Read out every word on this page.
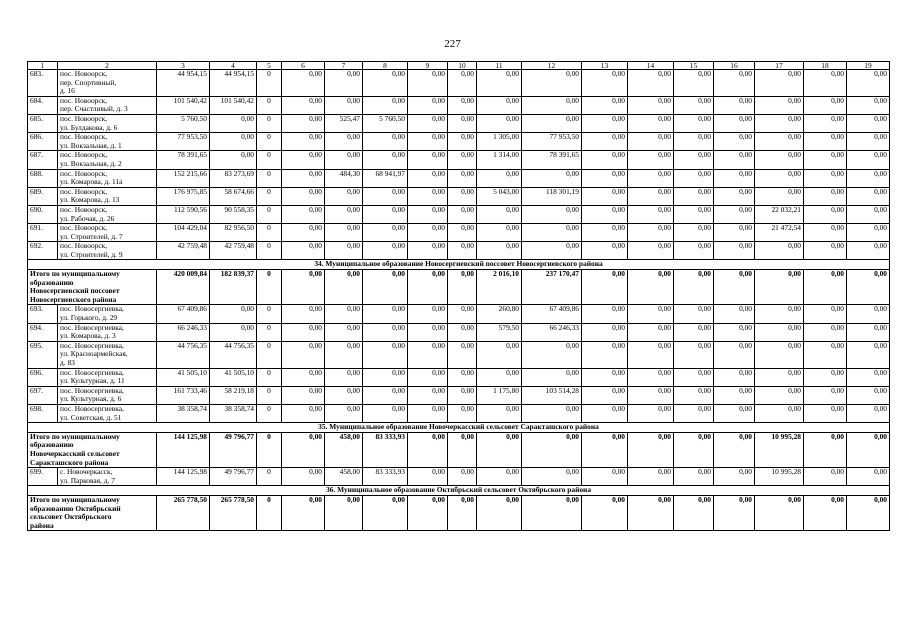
227
1	2	3	4	5	6	7	8	9	10	11	12	13	14	15	16	17	18	19
683.	пос. Новоорск,
пер. Спортивный,
д. 16	44 954,15	44 954,15	0	0,00	0,00	0,00	0,00	0,00	0,00	0,00	0,00	0,00	0,00	0,00	0,00	0,00	0,00
684.	пос. Новоорск,
пер. Счастливый, д. 3	101 540,42	101 540,42	0	0,00	0,00	0,00	0,00	0,00	0,00	0,00	0,00	0,00	0,00	0,00	0,00	0,00	0,00
685.	пос. Новоорск,
ул. Булдакова, д. 6	5 760,50	0,00	0	0,00	525,47	5 760,50	0,00	0,00	0,00	0,00	0,00	0,00	0,00	0,00	0,00	0,00	0,00
686.	пос. Новоорск,
ул. Вокзальная, д. 1	77 953,50	0,00	0	0,00	0,00	0,00	0,00	0,00	1 305,00	77 953,50	0,00	0,00	0,00	0,00	0,00	0,00	0,00
687.	пос. Новоорск,
ул. Вокзальная, д. 2	78 391,65	0,00	0	0,00	0,00	0,00	0,00	0,00	1 314,00	78 391,65	0,00	0,00	0,00	0,00	0,00	0,00	0,00
688.	пос. Новоорск,
ул. Комарова, д. 11а	152 215,66	83 273,69	0	0,00	484,30	68 941,97	0,00	0,00	0,00	0,00	0,00	0,00	0,00	0,00	0,00	0,00	0,00
689.	пос. Новоорск,
ул. Комарова, д. 13	176 975,85	58 674,66	0	0,00	0,00	0,00	0,00	0,00	5 043,00	118 301,19	0,00	0,00	0,00	0,00	0,00	0,00	0,00
690.	пос. Новоорск,
ул. Рабочая, д. 26	112 590,56	90 558,35	0	0,00	0,00	0,00	0,00	0,00	0,00	0,00	0,00	0,00	0,00	0,00	22 032,21	0,00	0,00
691.	пос. Новоорск,
ул. Строителей, д. 7	104 429,04	82 956,50	0	0,00	0,00	0,00	0,00	0,00	0,00	0,00	0,00	0,00	0,00	0,00	21 472,54	0,00	0,00
692.	пос. Новоорск,
ул. Строителей, д. 9	42 759,48	42 759,48	0	0,00	0,00	0,00	0,00	0,00	0,00	0,00	0,00	0,00	0,00	0,00	0,00	0,00	0,00
34. Муниципальное образование Новосергиевский поссовет Новосергиевского района																		

Итого по муниципальному
образованию
Новосергиевский поссовет
Новосергиевского района		420 009,84	182 839,37	0	0,00	0,00	0,00	0,00	0,00	2 016,10	237 170,47	0,00	0,00	0,00	0,00	0,00	0,00	0,00
693.	пос. Новосергиевка,
ул. Горького, д. 29	67 409,86	0,00	0	0,00	0,00	0,00	0,00	0,00	260,80	67 409,86	0,00	0,00	0,00	0,00	0,00	0,00	0,00
694.	пос. Новосергиевка,
ул. Комарова, д. 3	66 246,33	0,00	0	0,00	0,00	0,00	0,00	0,00	579,50	66 246,33	0,00	0,00	0,00	0,00	0,00	0,00	0,00
695.	пос. Новосергиевка,
ул. Красноармейская,
д. 83	44 756,35	44 756,35	0	0,00	0,00	0,00	0,00	0,00	0,00	0,00	0,00	0,00	0,00	0,00	0,00	0,00	0,00
696.	пос. Новосергиевка,
ул. Культурная, д. 11	41 505,10	41 505,10	0	0,00	0,00	0,00	0,00	0,00	0,00	0,00	0,00	0,00	0,00	0,00	0,00	0,00	0,00
697.	пос. Новосергиевка,
ул. Культурная, д. 6	161 733,46	58 219,18	0	0,00	0,00	0,00	0,00	0,00	1 175,80	103 514,28	0,00	0,00	0,00	0,00	0,00	0,00	0,00
698.	пос. Новосергиевка,
ул. Советская, д. 51	38 358,74	38 358,74	0	0,00	0,00	0,00	0,00	0,00	0,00	0,00	0,00	0,00	0,00	0,00	0,00	0,00	0,00
35. Муниципальное образование Новочеркасский сельсовет Саракташского района																		

Итого по муниципальному
образованию
Новочеркасский сельсовет
Саракташского района		144 125,98	49 796,77	0	0,00	458,00	83 333,93	0,00	0,00	0,00	0,00	0,00	0,00	0,00	0,00	10 995,28	0,00	0,00
699.	с. Новочеркасск,
ул. Парковая, д. 7	144 125,98	49 796,77	0	0,00	458,00	83 333,93	0,00	0,00	0,00	0,00	0,00	0,00	0,00	0,00	10 995,28	0,00	0,00
36. Муниципальное образование Октябрьский сельсовет Октябрьского района																		

Итого по муниципальному
образованию Октябрьский
сельсовет Октябрьского
района		265 778,50	265 778,50	0	0,00	0,00	0,00	0,00	0,00	0,00	0,00	0,00	0,00	0,00	0,00	0,00	0,00	0,00
